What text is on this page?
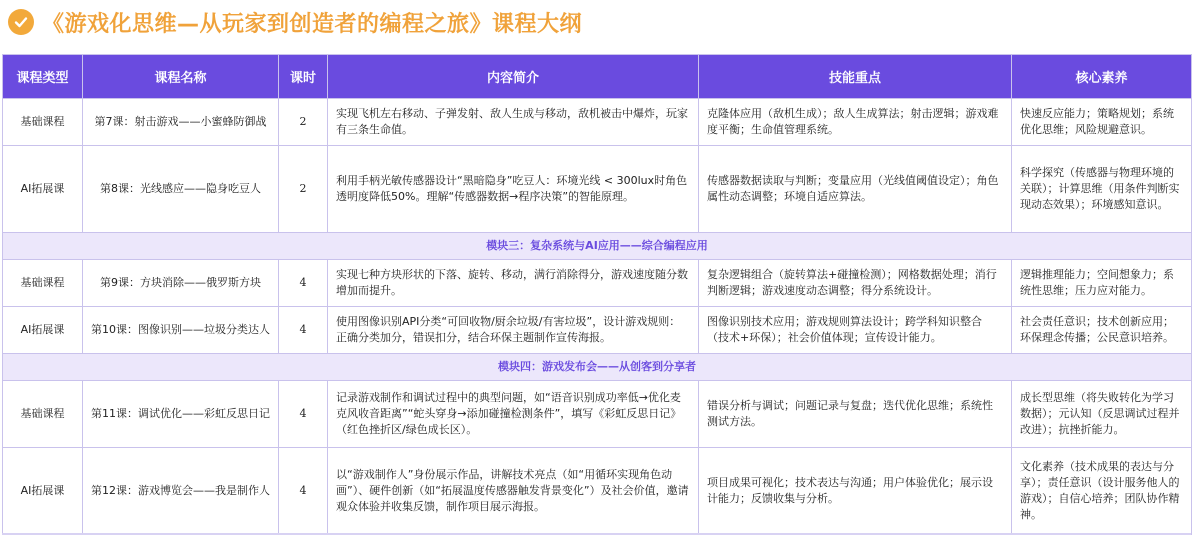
《游戏化思维—从玩家到创造者的编程之旅》课程大纲
课程类型	课程名称	课时	内容简介	技能重点	核心素养
基础课程	第7课：射击游戏——小蜜蜂防御战	2	实现飞机左右移动、子弹发射、敌人生成与移动，敌机被击中爆炸，玩家有三条生命值。	克隆体应用（敌机生成）；敌人生成算法；射击逻辑；游戏难度平衡；生命值管理系统。	快速反应能力；策略规划；系统优化思维；风险规避意识。
AI拓展课	第8课：光线感应——隐身吃豆人	2	利用手柄光敏传感器设计“黑暗隐身”吃豆人：环境光线 < 300lux时角色透明度降低50%。理解“传感器数据→程序决策”的智能原理。	传感器数据读取与判断；变量应用（光线值阈值设定）；角色属性动态调整；环境自适应算法。	科学探究（传感器与物理环境的关联）；计算思维（用条件判断实现动态效果）；环境感知意识。
模块三：复杂系统与AI应用——综合编程应用					
基础课程	第9课：方块消除——俄罗斯方块	4	实现七种方块形状的下落、旋转、移动，满行消除得分，游戏速度随分数增加而提升。	复杂逻辑组合（旋转算法+碰撞检测）；网格数据处理；消行判断逻辑；游戏速度动态调整；得分系统设计。	逻辑推理能力；空间想象力；系统性思维；压力应对能力。
AI拓展课	第10课：图像识别——垃圾分类达人	4	使用图像识别API分类“可回收物/厨余垃圾/有害垃圾”，设计游戏规则：正确分类加分，错误扣分，结合环保主题制作宣传海报。	图像识别技术应用；游戏规则算法设计；跨学科知识整合（技术+环保）；社会价值体现；宣传设计能力。	社会责任意识；技术创新应用；环保理念传播；公民意识培养。
模块四：游戏发布会——从创客到分享者					
基础课程	第11课：调试优化——彩虹反思日记	4	记录游戏制作和调试过程中的典型问题，如“语音识别成功率低→优化麦克风收音距离”“蛇头穿身→添加碰撞检测条件”，填写《彩虹反思日记》（红色挫折区/绿色成长区）。	错误分析与调试；问题记录与复盘；迭代优化思维；系统性测试方法。	成长型思维（将失败转化为学习数据）；元认知（反思调试过程并改进）；抗挫折能力。
AI拓展课	第12课：游戏博览会——我是制作人	4	以“游戏制作人”身份展示作品，讲解技术亮点（如“用循环实现角色动画”）、硬件创新（如“拓展温度传感器触发背景变化”）及社会价值，邀请观众体验并收集反馈，制作项目展示海报。	项目成果可视化；技术表达与沟通；用户体验优化；展示设计能力；反馈收集与分析。	文化素养（技术成果的表达与分享）；责任意识（设计服务他人的游戏）；自信心培养；团队协作精神。
